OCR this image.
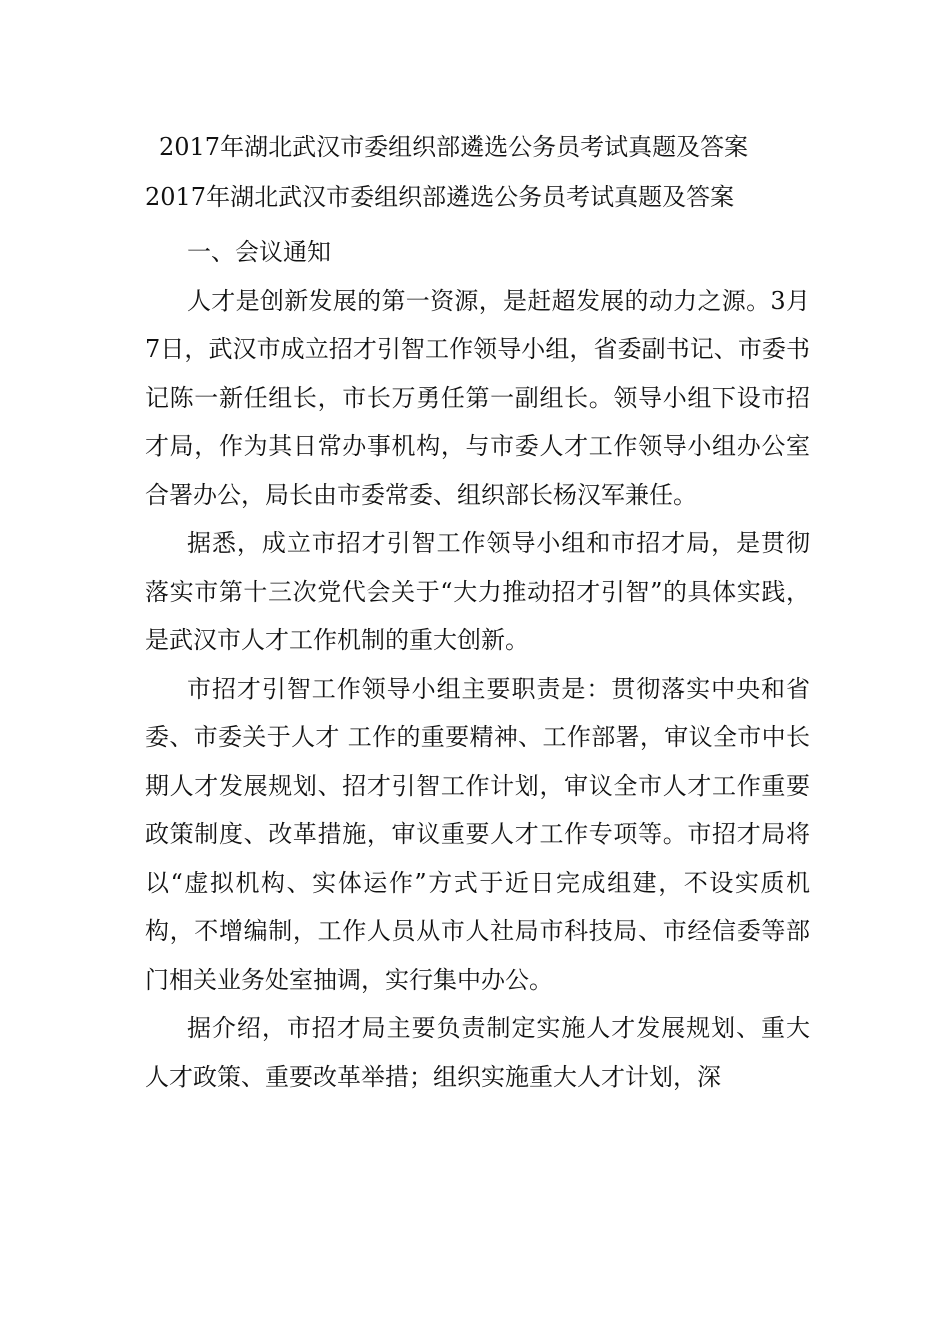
2017年湖北武汉市委组织部遴选公务员考试真题及答案
2017年湖北武汉市委组织部遴选公务员考试真题及答案

一、会议通知

人才是创新发展的第一资源，是赶超发展的动力之源。3月7日，武汉市成立招才引智工作领导小组，省委副书记、市委书记陈一新任组长，市长万勇任第一副组长。领导小组下设市招才局，作为其日常办事机构，与市委人才工作领导小组办公室合署办公，局长由市委常委、组织部长杨汉军兼任。

据悉，成立市招才引智工作领导小组和市招才局，是贯彻落实市第十三次党代会关于“大力推动招才引智”的具体实践，是武汉市人才工作机制的重大创新。

市招才引智工作领导小组主要职责是：贯彻落实中央和省委、市委关于人才 工作的重要精神、工作部署，审议全市中长期人才发展规划、招才引智工作计划，审议全市人才工作重要政策制度、改革措施，审议重要人才工作专项等。市招才局将以“虚拟机构、实体运作”方式于近日完成组建，不设实质机构，不增编制，工作人员从市人社局市科技局、市经信委等部门相关业务处室抽调，实行集中办公。

据介绍，市招才局主要负责制定实施人才发展规划、重大人才政策、重要改革举措；组织实施重大人才计划，深
